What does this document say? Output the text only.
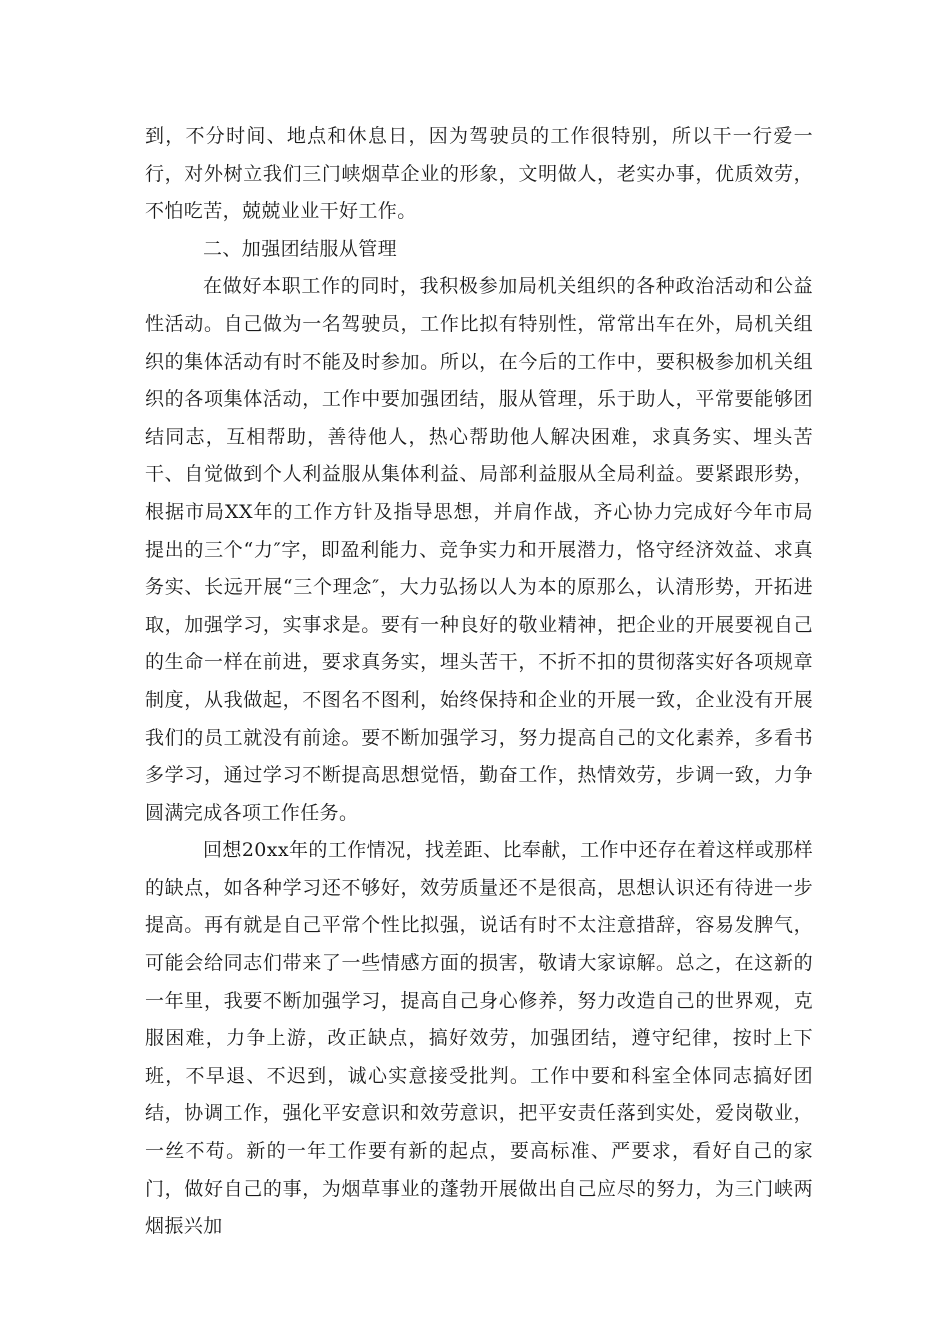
到，不分时间、地点和休息日，因为驾驶员的工作很特别，所以干一行爱一行，对外树立我们三门峡烟草企业的形象，文明做人，老实办事，优质效劳，不怕吃苦，兢兢业业干好工作。

二、加强团结服从管理

在做好本职工作的同时，我积极参加局机关组织的各种政治活动和公益性活动。自己做为一名驾驶员，工作比拟有特别性，常常出车在外，局机关组织的集体活动有时不能及时参加。所以，在今后的工作中，要积极参加机关组织的各项集体活动，工作中要加强团结，服从管理，乐于助人，平常要能够团结同志，互相帮助，善待他人，热心帮助他人解决困难，求真务实、埋头苦干、自觉做到个人利益服从集体利益、局部利益服从全局利益。要紧跟形势，根据市局XX年的工作方针及指导思想，并肩作战，齐心协力完成好今年市局提出的三个“力″字，即盈利能力、竞争实力和开展潜力，恪守经济效益、求真务实、长远开展“三个理念″，大力弘扬以人为本的原那么，认清形势，开拓进取，加强学习，实事求是。要有一种良好的敬业精神，把企业的开展要视自己的生命一样在前进，要求真务实，埋头苦干，不折不扣的贯彻落实好各项规章制度，从我做起，不图名不图利，始终保持和企业的开展一致，企业没有开展我们的员工就没有前途。要不断加强学习，努力提高自己的文化素养，多看书多学习，通过学习不断提高思想觉悟，勤奋工作，热情效劳，步调一致，力争圆满完成各项工作任务。

回想20xx年的工作情况，找差距、比奉献，工作中还存在着这样或那样的缺点，如各种学习还不够好，效劳质量还不是很高，思想认识还有待进一步提高。再有就是自己平常个性比拟强，说话有时不太注意措辞，容易发脾气，可能会给同志们带来了一些情感方面的损害，敬请大家谅解。总之，在这新的一年里，我要不断加强学习，提高自己身心修养，努力改造自己的世界观，克服困难，力争上游，改正缺点，搞好效劳，加强团结，遵守纪律，按时上下班，不早退、不迟到，诚心实意接受批判。工作中要和科室全体同志搞好团结，协调工作，强化平安意识和效劳意识，把平安责任落到实处，爱岗敬业，一丝不苟。新的一年工作要有新的起点，要高标准、严要求，看好自己的家门，做好自己的事，为烟草事业的蓬勃开展做出自己应尽的努力，为三门峡两烟振兴加
